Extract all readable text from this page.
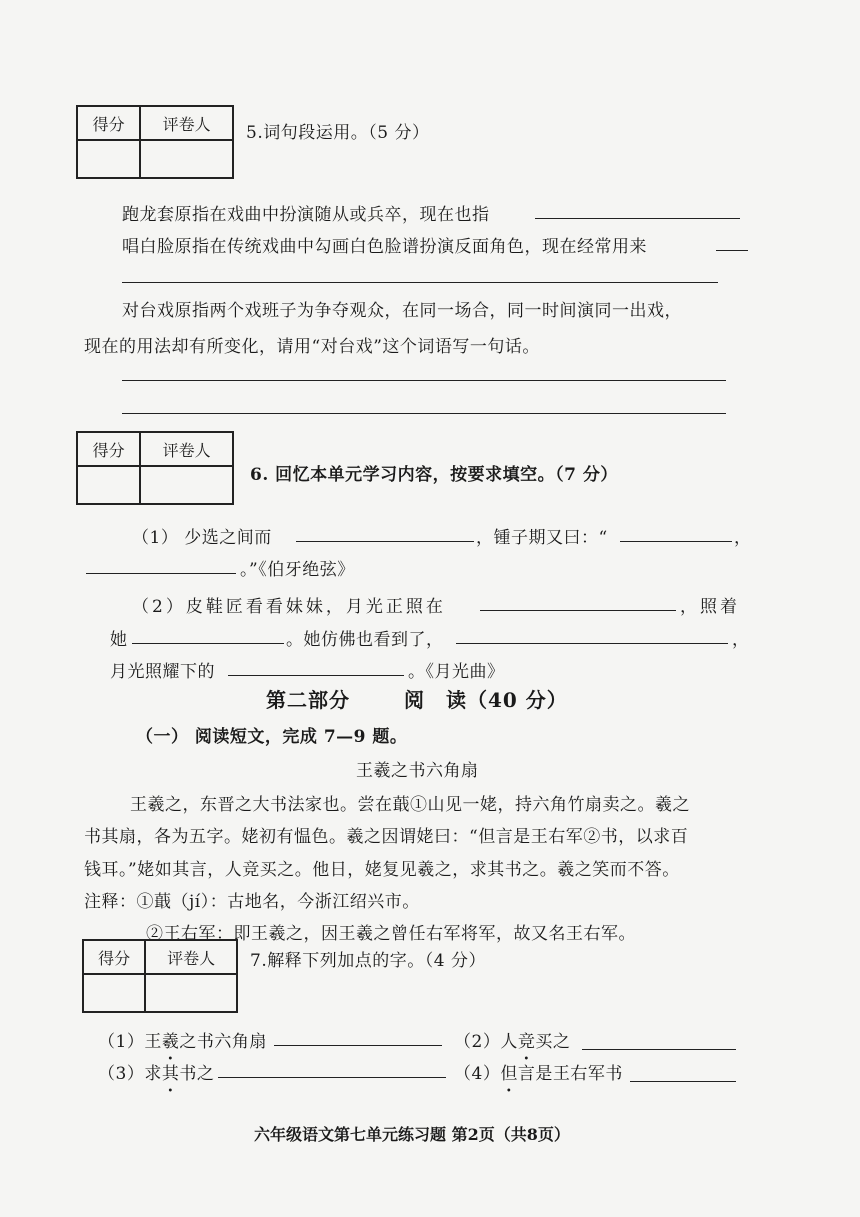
得分	评卷人
	5.词句段运用。（5 分）
跑龙套原指在戏曲中扮演随从或兵卒，现在也指
唱白脸原指在传统戏曲中勾画白色脸谱扮演反面角色，现在经常用来
对台戏原指两个戏班子为争夺观众，在同一场合，同一时间演同一出戏，
现在的用法却有所变化，请用“对台戏”这个词语写一句话。
得分	评卷人

6. 回忆本单元学习内容，按要求填空。（7 分）
（1） 少选之间而	，锺子期又曰：“	，
。”《伯牙绝弦》
（2）皮鞋匠看看妹妹，月光正照在	，照着
她	。她仿佛也看到了，	，
月光照耀下的	。《月光曲》
第二部分	阅　读（40 分）
（一） 阅读短文，完成 7—9 题。
王羲之书六角扇
王羲之，东晋之大书法家也。尝在蕺①山见一姥，持六角竹扇卖之。羲之
书其扇，各为五字。姥初有愠色。羲之因谓姥曰：“但言是王右军②书，以求百
钱耳。”姥如其言，人竞买之。他日，姥复见羲之，求其书之。羲之笑而不答。
注释：①蕺（jí）：古地名，今浙江绍兴市。
②王右军：即王羲之，因王羲之曾任右军将军，故又名王右军。
得分	评卷人
	7.解释下列加点的字。（4 分）
（1）王羲之书六角扇	（2）人竞买之
（3）求其书之	（4）但言是王右军书
六年级语文第七单元练习题 第2页（共8页）
